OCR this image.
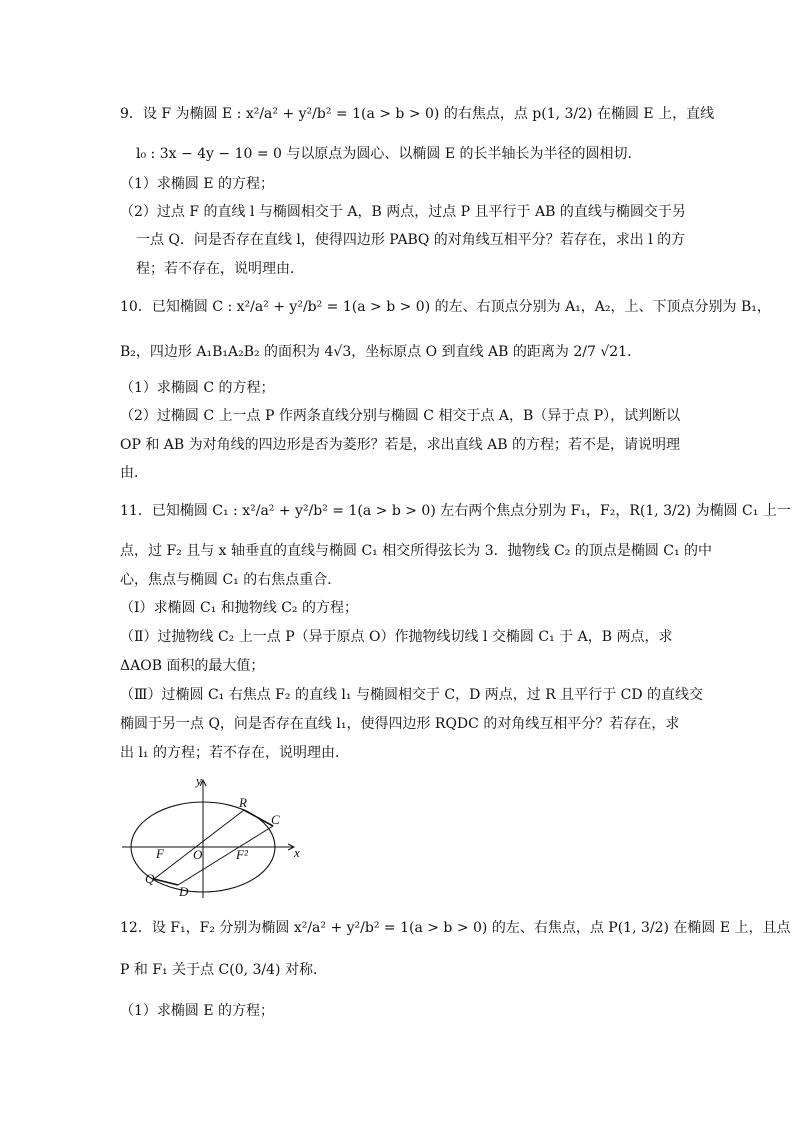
9．设 F 为椭圆 E : x²/a² + y²/b² = 1(a > b > 0) 的右焦点，点 p(1, 3/2) 在椭圆 E 上，直线
l₀ : 3x − 4y − 10 = 0 与以原点为圆心、以椭圆 E 的长半轴长为半径的圆相切．
（1）求椭圆 E 的方程；
（2）过点 F 的直线 l 与椭圆相交于 A，B 两点，过点 P 且平行于 AB 的直线与椭圆交于另
一点 Q．问是否存在直线 l，使得四边形 PABQ 的对角线互相平分？若存在，求出 l 的方
程；若不存在，说明理由．
10．已知椭圆 C : x²/a² + y²/b² = 1(a > b > 0) 的左、右顶点分别为 A₁，A₂，上、下顶点分别为 B₁，
B₂，四边形 A₁B₁A₂B₂ 的面积为 4√3，坐标原点 O 到直线 AB 的距离为 2/7 √21．
（1）求椭圆 C 的方程；
（2）过椭圆 C 上一点 P 作两条直线分别与椭圆 C 相交于点 A，B（异于点 P），试判断以
OP 和 AB 为对角线的四边形是否为菱形？若是，求出直线 AB 的方程；若不是，请说明理
由．
11．已知椭圆 C₁ : x²/a² + y²/b² = 1(a > b > 0) 左右两个焦点分别为 F₁，F₂，R(1, 3/2) 为椭圆 C₁ 上一
点，过 F₂ 且与 x 轴垂直的直线与椭圆 C₁ 相交所得弦长为 3．抛物线 C₂ 的顶点是椭圆 C₁ 的中
心，焦点与椭圆 C₁ 的右焦点重合．
（Ⅰ）求椭圆 C₁ 和抛物线 C₂ 的方程；
（Ⅱ）过抛物线 C₂ 上一点 P（异于原点 O）作抛物线切线 l 交椭圆 C₁ 于 A，B 两点，求
ΔAOB 面积的最大值；
（Ⅲ）过椭圆 C₁ 右焦点 F₂ 的直线 l₁ 与椭圆相交于 C，D 两点，过 R 且平行于 CD 的直线交
椭圆于另一点 Q，问是否存在直线 l₁，使得四边形 RQDC 的对角线互相平分？若存在，求
出 l₁ 的方程；若不存在，说明理由．
y
x
R
C
F O	F²
Q
D
12．设 F₁，F₂ 分别为椭圆 x²/a² + y²/b² = 1(a > b > 0) 的左、右焦点，点 P(1, 3/2) 在椭圆 E 上，且点
P 和 F₁ 关于点 C(0, 3/4) 对称．
（1）求椭圆 E 的方程；
